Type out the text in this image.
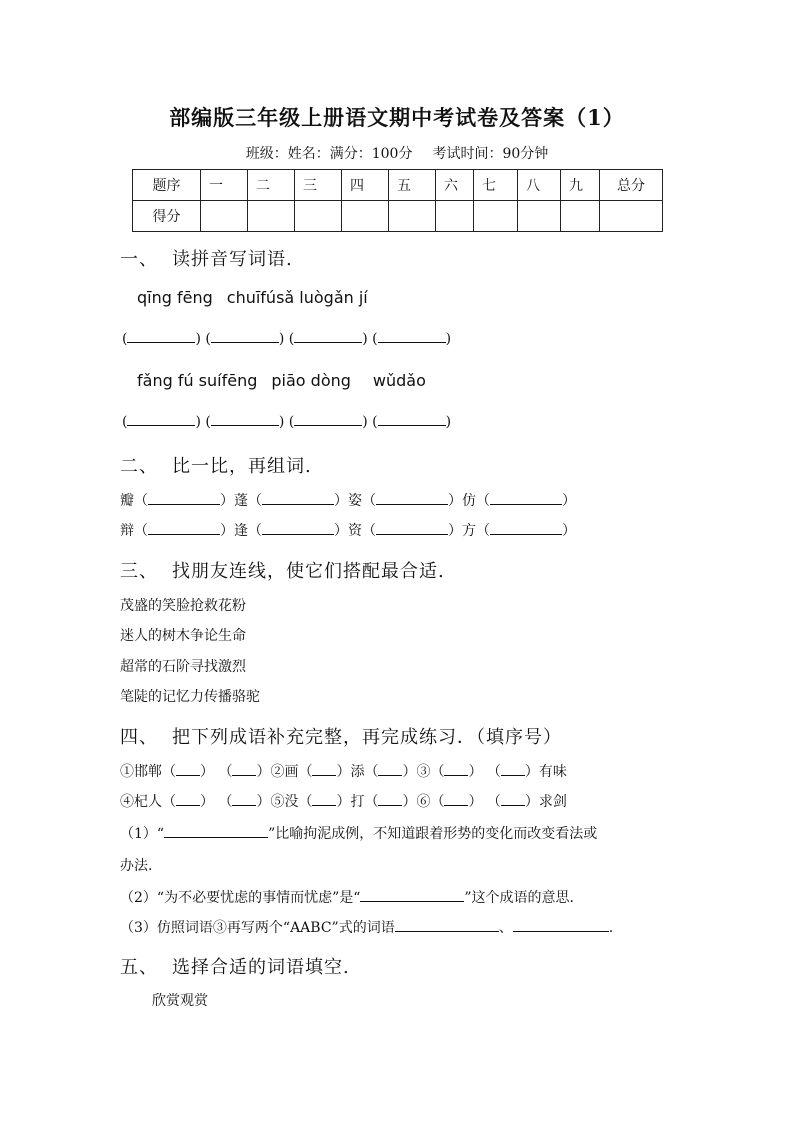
部编版三年级上册语文期中考试卷及答案（1）
班级：姓名：满分：100分 考试时间：90分钟
题序	一	二	三	四	五	六	七	八	九	总分
得分										
一、 读拼音写词语.
qīng fēng chuīfúsǎ luògǎn jí
(	) (	) (	) (	)
fǎng fú suífēng piāo dòng wǔdǎo
(	) (	) (	) (	)
二、 比一比，再组词.
瓣（	）蓬（	）姿（	）仿（	）
辩（	）逢（	）资（	）方（	）
三、 找朋友连线，使它们搭配最合适.
茂盛的笑脸抢救花粉
迷人的树木争论生命
超常的石阶寻找激烈
笔陡的记忆力传播骆驼
四、 把下列成语补充完整，再完成练习．（填序号）
①邯郸（ ） （ ）②画（ ）添（ ）③（ ） （ ）有味
④杞人（ ） （ ）⑤没（ ）打（ ）⑥（ ） （ ）求剑
（1）“	”比喻拘泥成例，不知道跟着形势的变化而改变看法或
办法.
（2）“为不必要忧虑的事情而忧虑”是“	”这个成语的意思.
（3）仿照词语③再写两个“AABC”式的词语	、	.
五、 选择合适的词语填空.
欣赏观赏
